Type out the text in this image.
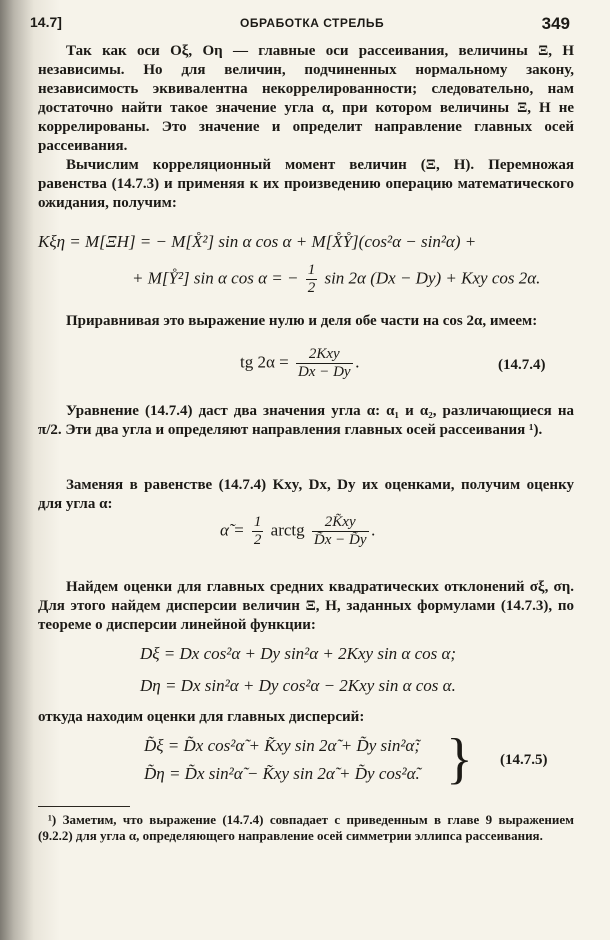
14.7]	ОБРАБОТКА СТРЕЛЬБ	349

Так как оси Oξ, Oη — главные оси рассеивания, величины Ξ, Η независимы. Но для величин, подчиненных нормальному закону, независимость эквивалентна некоррелированности; следовательно, нам достаточно найти такое значение угла α, при котором величины Ξ, Η не коррелированы. Это значение и определит направление главных осей рассеивания.

Вычислим корреляционный момент величин (Ξ, Η). Перемножая равенства (14.7.3) и применяя к их произведению операцию математического ожидания, получим:

Kξη = M[ΞΗ] = − M[X̊²] sin α cos α + M[X̊Y̊](cos²α − sin²α) +
+ M[Y̊²] sin α cos α = − $\frac{1}{2}$ sin 2α (Dx − Dy) + Kxy cos 2α.

Приравнивая это выражение нулю и деля обе части на cos 2α, имеем:

tg $2\alpha = \frac{\text{2Kxy}}{Dx - Dy}$ .	(14.7.4)

Уравнение (14.7.4) даст два значения угла α: α₁ и α₂, различающиеся на π/2. Эти два угла и определяют направления главных осей рассеивания ¹).

Заменяя в равенстве (14.7.4) Kxy, Dx, Dy их оценками, получим оценку для угла α:

α̃ = $\frac{1}{2}$ arctg $\frac{2K̃xy}{D̃x - D̃y}$ .

Найдем оценки для главных средних квадратических отклонений σξ, ση. Для этого найдем дисперсии величин Ξ, Η, заданных формулами (14.7.3), по теореме о дисперсии линейной функции:

Dξ = Dx cos²α + Dy sin²α + 2Kxy sin α cos α;
Dη = Dx sin²α + Dy cos²α − 2Kxy sin α cos α.

откуда находим оценки для главных дисперсий:

D̃ξ = D̃x cos²α̃ + K̃xy sin 2α̃ + D̃y sin²α̃;
D̃η = D̃x sin²α̃ − K̃xy sin 2α̃ + D̃y cos²α̃. } (14.7.5)
¹) Заметим, что выражение (14.7.4) совпадает с приведенным в главе 9 выражением (9.2.2) для угла α, определяющего направление осей симметрии эллипса рассеивания.
